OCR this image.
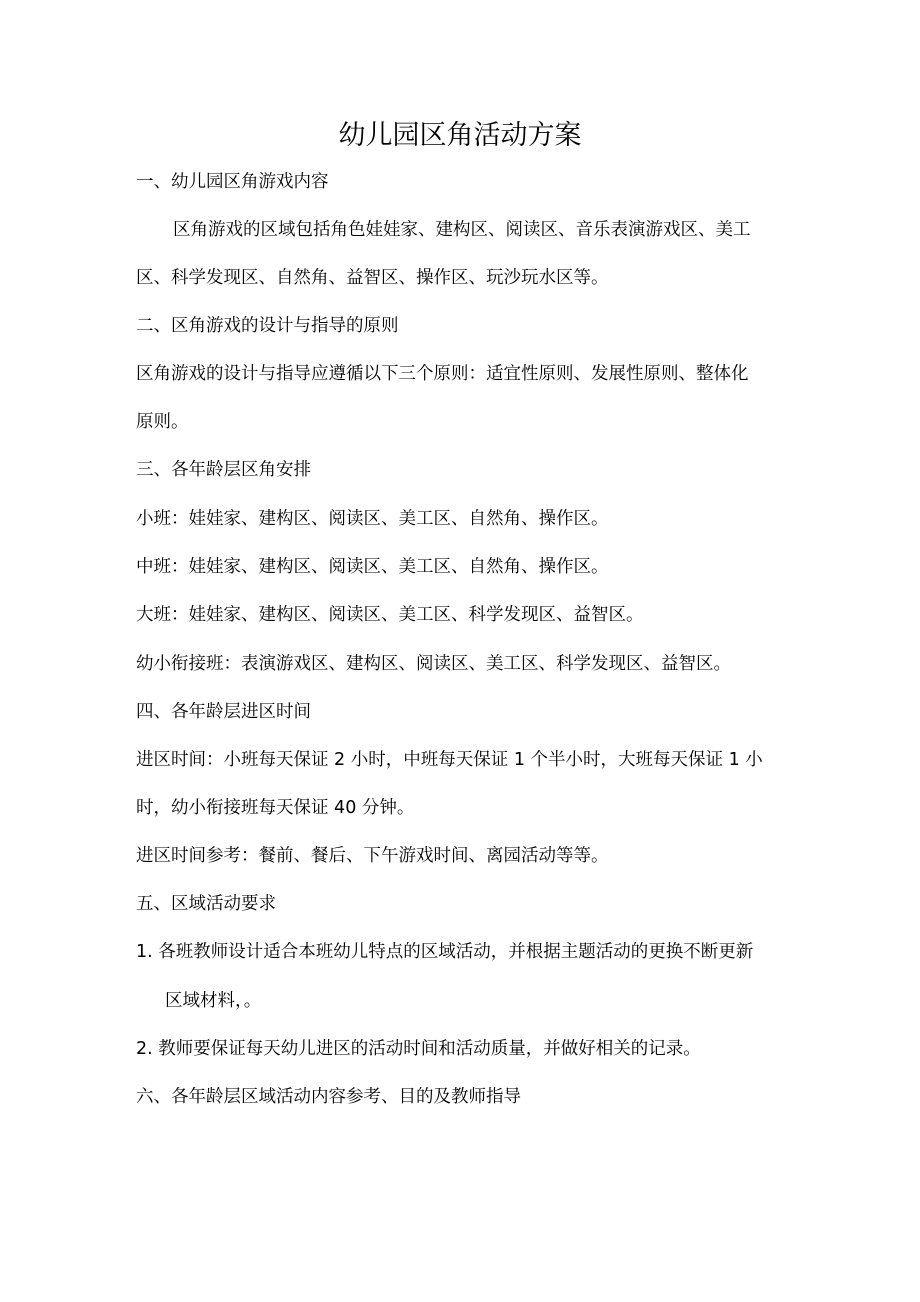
幼儿园区角活动方案
一、幼儿园区角游戏内容
区角游戏的区域包括角色娃娃家、建构区、阅读区、音乐表演游戏区、美工
区、科学发现区、自然角、益智区、操作区、玩沙玩水区等。
二、区角游戏的设计与指导的原则
区角游戏的设计与指导应遵循以下三个原则：适宜性原则、发展性原则、整体化
原则。
三、各年龄层区角安排
小班：娃娃家、建构区、阅读区、美工区、自然角、操作区。
中班：娃娃家、建构区、阅读区、美工区、自然角、操作区。
大班：娃娃家、建构区、阅读区、美工区、科学发现区、益智区。
幼小衔接班：表演游戏区、建构区、阅读区、美工区、科学发现区、益智区。
四、各年龄层进区时间
进区时间：小班每天保证 2 小时，中班每天保证 1 个半小时，大班每天保证 1 小
时，幼小衔接班每天保证 40 分钟。
进区时间参考：餐前、餐后、下午游戏时间、离园活动等等。
五、区域活动要求
1. 各班教师设计适合本班幼儿特点的区域活动，并根据主题活动的更换不断更新
区域材料，。
2. 教师要保证每天幼儿进区的活动时间和活动质量，并做好相关的记录。
六、各年龄层区域活动内容参考、目的及教师指导
